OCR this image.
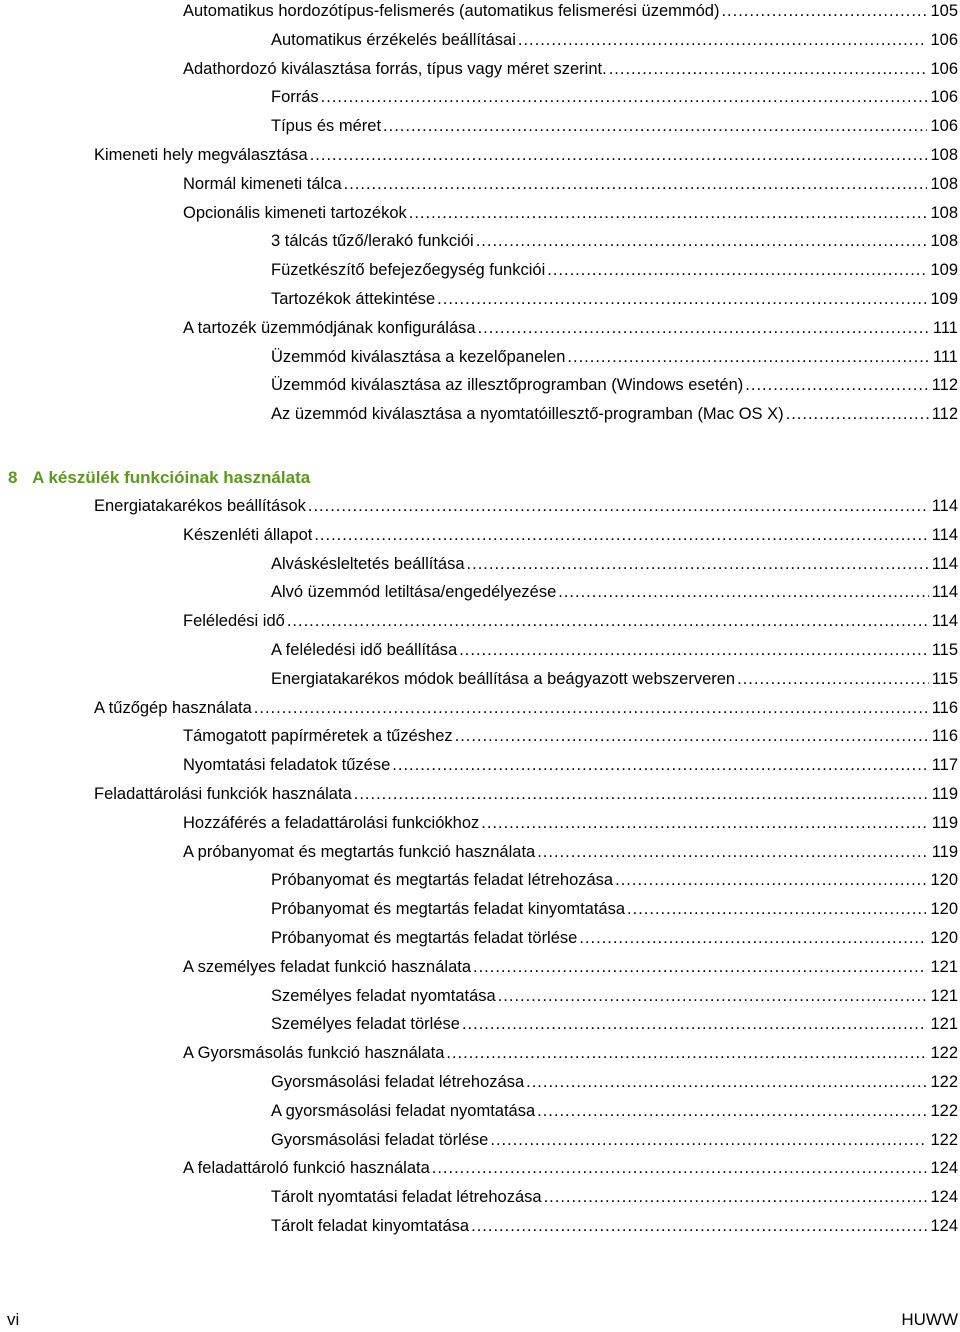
Automatikus hordozótípus-felismerés (automatikus felismerési üzemmód) .....	105
Automatikus érzékelés beállításai .....	106
Adathordozó kiválasztása forrás, típus vagy méret szerint. .....	106
Forrás .....	106
Típus és méret .....	106
Kimeneti hely megválasztása .....	108
Normál kimeneti tálca .....	108
Opcionális kimeneti tartozékok .....	108
3 tálcás tűző/lerakó funkciói .....	108
Füzetkészítő befejezőegység funkciói .....	109
Tartozékok áttekintése .....	109
A tartozék üzemmódjának konfigurálása .....	111
Üzemmód kiválasztása a kezelőpanelen .....	111
Üzemmód kiválasztása az illesztőprogramban (Windows esetén) .....	112
Az üzemmód kiválasztása a nyomtatóillesztő-programban (Mac OS X) .....	112
8 A készülék funkcióinak használata
Energiatakarékos beállítások .....	114
Készenléti állapot .....	114
Alváskésleltetés beállítása .....	114
Alvó üzemmód letiltása/engedélyezése .....	114
Feléledési idő .....	114
A feléledési idő beállítása .....	115
Energiatakarékos módok beállítása a beágyazott webszerveren .....	115
A tűzőgép használata .....	116
Támogatott papírméretek a tűzéshez .....	116
Nyomtatási feladatok tűzése .....	117
Feladattárolási funkciók használata .....	119
Hozzáférés a feladattárolási funkciókhoz .....	119
A próbanyomat és megtartás funkció használata .....	119
Próbanyomat és megtartás feladat létrehozása .....	120
Próbanyomat és megtartás feladat kinyomtatása .....	120
Próbanyomat és megtartás feladat törlése .....	120
A személyes feladat funkció használata .....	121
Személyes feladat nyomtatása .....	121
Személyes feladat törlése .....	121
A Gyorsmásolás funkció használata .....	122
Gyorsmásolási feladat létrehozása .....	122
A gyorsmásolási feladat nyomtatása .....	122
Gyorsmásolási feladat törlése .....	122
A feladattároló funkció használata .....	124
Tárolt nyomtatási feladat létrehozása .....	124
Tárolt feladat kinyomtatása .....	124
vi	HUWW
